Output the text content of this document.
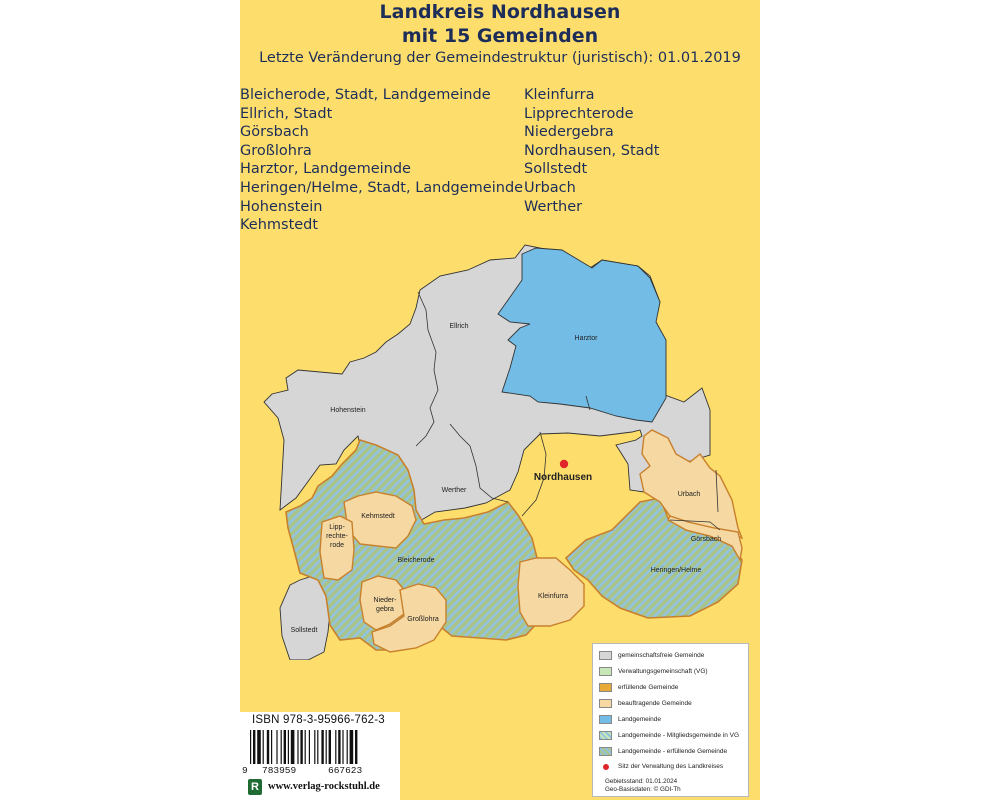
Landkreis Nordhausen
mit 15 Gemeinden
Letzte Veränderung der Gemeindestruktur (juristisch): 01.01.2019
Bleicherode, Stadt, Landgemeinde
Ellrich, Stadt
Görsbach
Großlohra
Harztor, Landgemeinde
Heringen/Helme, Stadt, Landgemeinde
Hohenstein
Kehmstedt
Kleinfurra
Lipprechterode
Niedergebra
Nordhausen, Stadt
Sollstedt
Urbach
Werther
Ellrich
Harztor
Hohenstein
Nordhausen
Werther
Urbach
Görsbach
Kehmstedt
Lipp-
rechte-
rode
Bleicherode
Heringen/Helme
Kleinfurra
Nieder-
gebra
Großlohra
Sollstedt
gemeinschaftsfreie Gemeinde
Verwaltungsgemeinschaft (VG)
erfüllende Gemeinde
beauftragende Gemeinde
Landgemeinde
Landgemeinde - Mitgliedsgemeinde in VG
Landgemeinde - erfüllende Gemeinde
Sitz der Verwaltung des Landkreises
Gebietsstand: 01.01.2024
Geo-Basisdaten: © GDI-Th
ISBN 978-3-95966-762-3
9 783959	667623
R www.verlag-rockstuhl.de
